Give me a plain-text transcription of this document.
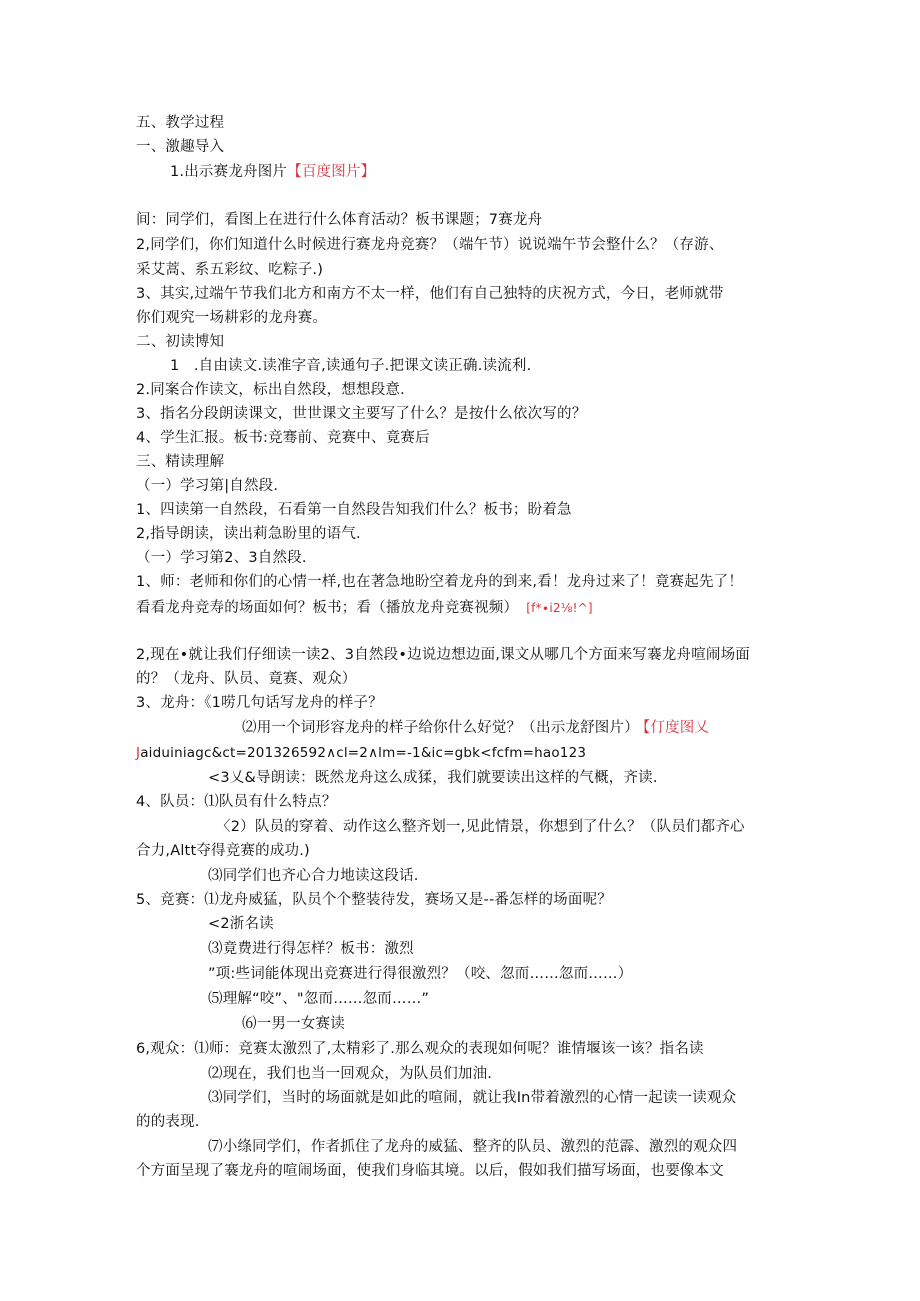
五、教学过程
一、激趣导入
1.出示赛龙舟图片【百度图片】
间：同学们，看图上在进行什么体育活动？板书课题；7赛龙舟
2,同学们，你们知道什么时候进行赛龙舟竞赛？（端午节）说说端午节会整什么？（存游、
采艾蒿、系五彩纹、吃粽子.)
3、其实,过端午节我们北方和南方不太一样，他们有自己独特的庆祝方式，今日，老师就带
你们观究一场耕彩的龙舟赛。
二、初读博知
1   .自由读文.读准字音,读通句子.把课文读正确.读流利.
2.同案合作读文，标出自然段，想想段意.
3、指名分段朗读课文，世世课文主要写了什么？是按什么依次写的？
4、学生汇报。板书:竞骞前、竞赛中、竟赛后
三、精读理解
（一）学习第|自然段.
1、四读第一自然段，石看第一自然段告知我们什么？板书；盼着急
2,指导朗读，读出莉急盼里的语气.
（一）学习第2、3自然段.
1、师：老师和你们的心情一样,也在著急地盼空着龙舟的到来,看！龙舟过来了！竟赛起先了！
看看龙舟竞寿的场面如何？板书；看（播放龙舟竞赛视频） [f*∙i2⅛!^]
2,现在•就让我们仔细读一读2、3自然段•边说边想边面,课文从哪几个方面来写褰龙舟喧闹场面
的？（龙舟、队员、竟赛、观众）
3、龙舟：《1唠几句话写龙舟的样子？
⑵用一个词形容龙舟的样子给你什么好觉？（出示龙舒图片） 【仃度图乂
Jaiduiniagc&ct=201326592∧cl=2∧lm=-1&ic=gbk<fcfm=hao123
<3乂&导朗读：既然龙舟这么成猱，我们就要读出这样的气概，齐读.
4、队员：⑴队员有什么特点？
〈2）队员的穿着、动作这么整齐划一,见此情景，你想到了什么？（队员们都齐心
合力,Altt夺得竞赛的成功.)
⑶同学们也齐心合力地读这段话.
5、竞赛：⑴龙舟威猛，队员个个整装待发，赛场又是--番怎样的场面呢？
<2浙名读
⑶竟费进行得怎样？板书：激烈
”项:些词能体现出竞赛进行得很激烈？（咬、忽而……忽而……）
⑸理解“咬”、"忽而……忽而……”
⑹一男一女赛读
6,观众：⑴师：竞赛太激烈了,太精彩了.那么观众的表现如何呢？谁情堰该一该？指名读
⑵现在，我们也当一回观众，为队员们加油.
⑶同学们，当时的场面就是如此的喧闹，就让我In带着激烈的心情一起读一读观众
的的表现.
⑺小绦同学们，作者抓住了龙舟的威猛、整齐的队员、激烈的范霹、激烈的观众四
个方面呈现了褰龙舟的喧闹场面，使我们身临其境。以后，假如我们描写场面，也要像本文
